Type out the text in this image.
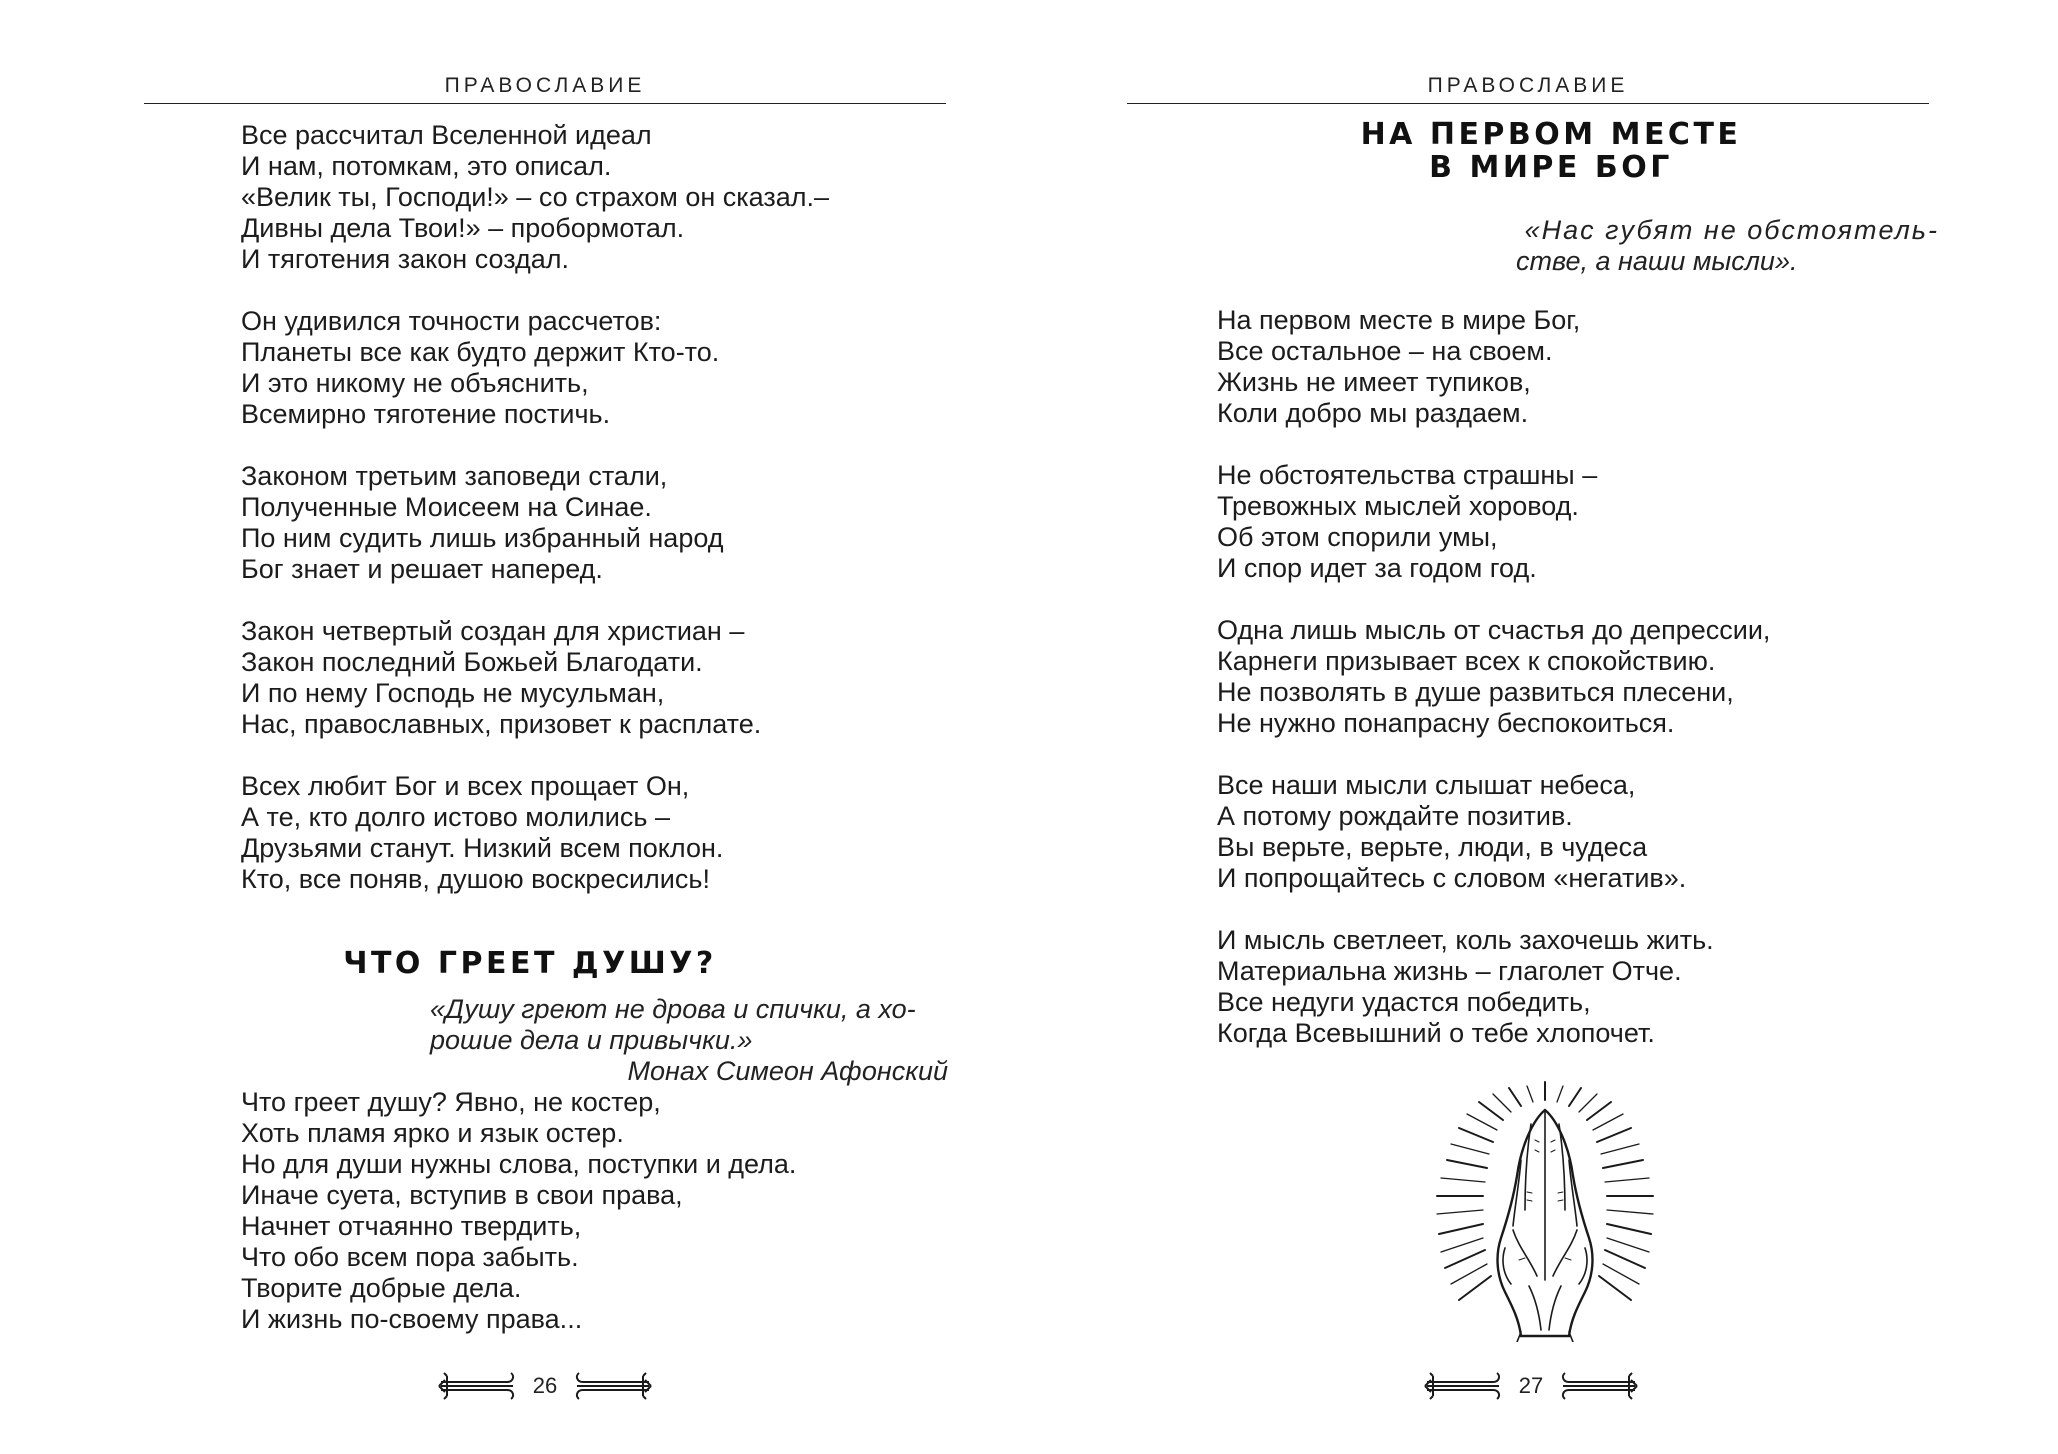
ПРАВОСЛАВИЕ
Все рассчитал Вселенной идеал
И нам, потомкам, это описал.
«Велик ты, Господи!» – со страхом он сказал.–
Дивны дела Твои!» – пробормотал.
И тяготения закон создал.
Он удивился точности рассчетов:
Планеты все как будто держит Кто-то.
И это никому не объяснить,
Всемирно тяготение постичь.
Законом третьим заповеди стали,
Полученные Моисеем на Синае.
По ним судить лишь избранный народ
Бог знает и решает наперед.
Закон четвертый создан для христиан –
Закон последний Божьей Благодати.
И по нему Господь не мусульман,
Нас, православных, призовет к расплате.
Всех любит Бог и всех прощает Он,
А те, кто долго истово молились –
Друзьями станут. Низкий всем поклон.
Кто, все поняв, душою воскресились!
ЧТО ГРЕЕТ ДУШУ?
«Душу греют не дрова и спички, а хо-
рошие дела и привычки.»
Монах Симеон Афонский
Что греет душу? Явно, не костер,
Хоть пламя ярко и язык остер.
Но для души нужны слова, поступки и дела.
Иначе суета, вступив в свои права,
Начнет отчаянно твердить,
Что обо всем пора забыть.
Творите добрые дела.
И жизнь по-своему права...
26
ПРАВОСЛАВИЕ
НА ПЕРВОМ МЕСТЕ
В МИРЕ БОГ
«Нас губят не обстоятель-
стве, а наши мысли».
На первом месте в мире Бог,
Все остальное – на своем.
Жизнь не имеет тупиков,
Коли добро мы раздаем.
Не обстоятельства страшны –
Тревожных мыслей хоровод.
Об этом спорили умы,
И спор идет за годом год.
Одна лишь мысль от счастья до депрессии,
Карнеги призывает всех к спокойствию.
Не позволять в душе развиться плесени,
Не нужно понапрасну беспокоиться.
Все наши мысли слышат небеса,
А потому рождайте позитив.
Вы верьте, верьте, люди, в чудеса
И попрощайтесь с словом «негатив».
И мысль светлеет, коль захочешь жить.
Материальна жизнь – глаголет Отче.
Все недуги удастся победить,
Когда Всевышний о тебе хлопочет.
27
